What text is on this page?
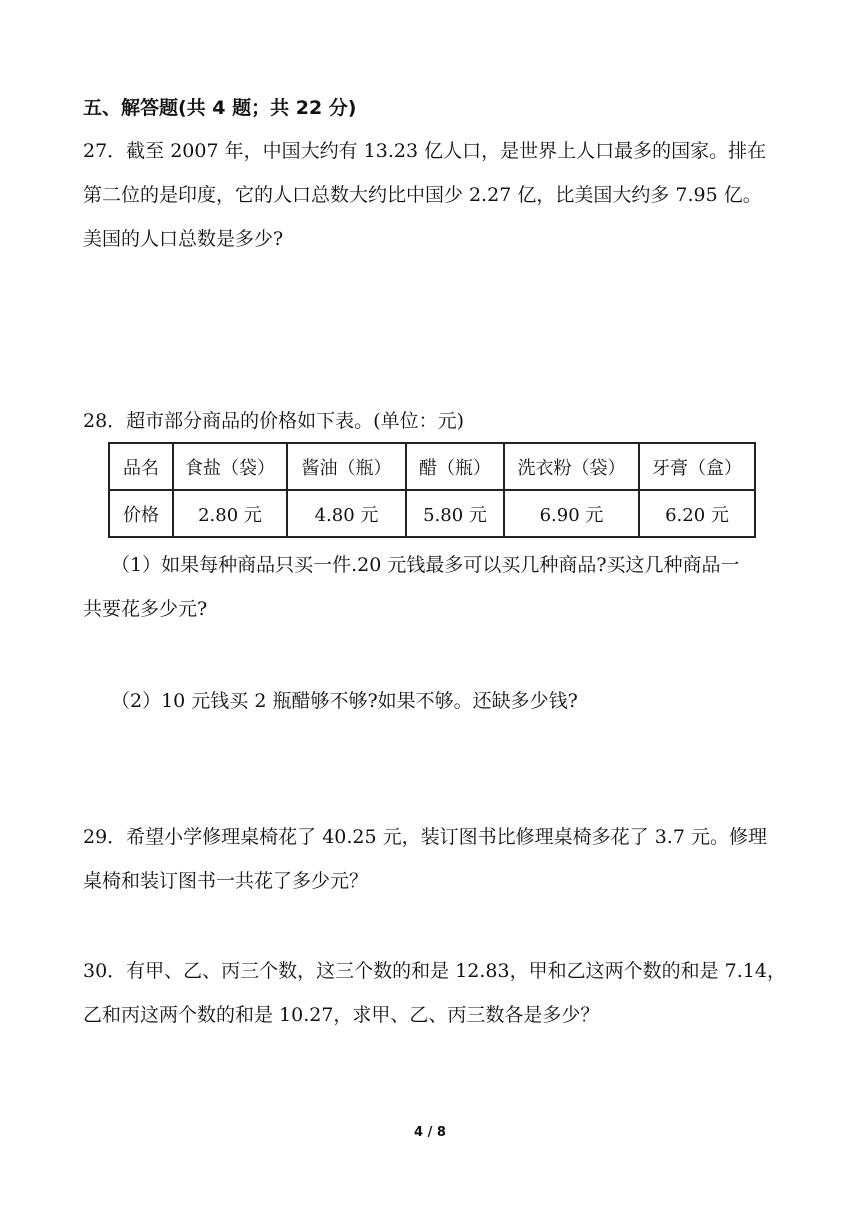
五、解答题(共 4 题；共 22 分)
27．截至 2007 年，中国大约有 13.23 亿人口，是世界上人口最多的国家。排在
第二位的是印度，它的人口总数大约比中国少 2.27 亿，比美国大约多 7.95 亿。
美国的人口总数是多少?
28．超市部分商品的价格如下表。(单位：元)
品名	食盐（袋）	酱油（瓶）	醋（瓶）	洗衣粉（袋）	牙膏（盒）
价格	2.80 元	4.80 元	5.80 元	6.90 元	6.20 元
（1）如果每种商品只买一件.20 元钱最多可以买几种商品?买这几种商品一
共要花多少元?
（2）10 元钱买 2 瓶醋够不够?如果不够。还缺多少钱?
29．希望小学修理桌椅花了 40.25 元，装订图书比修理桌椅多花了 3.7 元。修理
桌椅和装订图书一共花了多少元？
30．有甲、乙、丙三个数，这三个数的和是 12.83，甲和乙这两个数的和是 7.14，
乙和丙这两个数的和是 10.27，求甲、乙、丙三数各是多少？
4 / 8
